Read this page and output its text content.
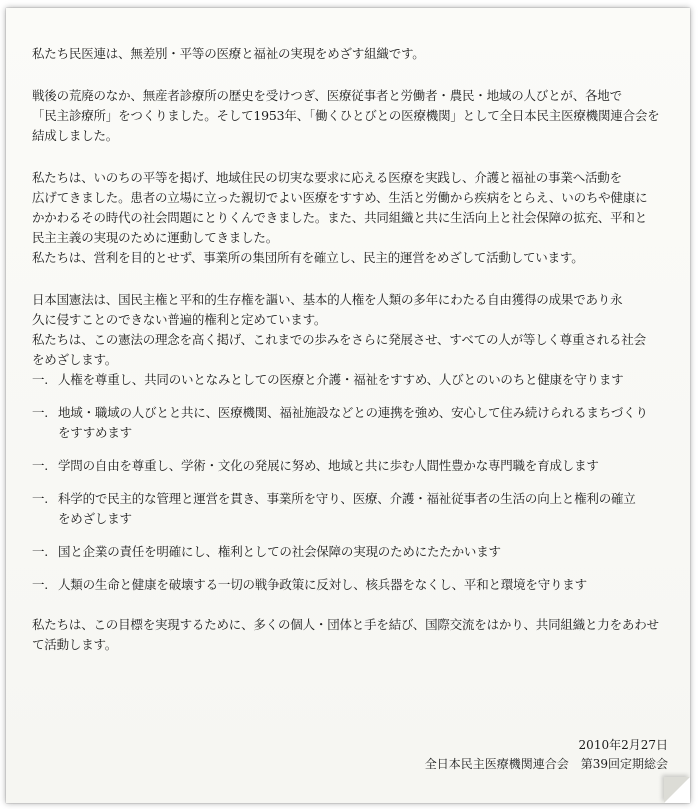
私たち民医連は、無差別・平等の医療と福祉の実現をめざす組織です。

戦後の荒廃のなか、無産者診療所の歴史を受けつぎ、医療従事者と労働者・農民・地域の人びとが、各地で
「民主診療所」をつくりました。そして1953年、「働くひとびとの医療機関」として全日本民主医療機関連合会を
結成しました。

私たちは、いのちの平等を掲げ、地域住民の切実な要求に応える医療を実践し、介護と福祉の事業へ活動を
広げてきました。患者の立場に立った親切でよい医療をすすめ、生活と労働から疾病をとらえ、いのちや健康に
かかわるその時代の社会問題にとりくんできました。また、共同組織と共に生活向上と社会保障の拡充、平和と
民主主義の実現のために運動してきました。
私たちは、営利を目的とせず、事業所の集団所有を確立し、民主的運営をめざして活動しています。

日本国憲法は、国民主権と平和的生存権を謳い、基本的人権を人類の多年にわたる自由獲得の成果であり永
久に侵すことのできない普遍的権利と定めています。
私たちは、この憲法の理念を高く掲げ、これまでの歩みをさらに発展させ、すべての人が等しく尊重される社会
をめざします。

一. 人権を尊重し、共同のいとなみとしての医療と介護・福祉をすすめ、人びとのいのちと健康を守ります
一. 地域・職域の人びとと共に、医療機関、福祉施設などとの連携を強め、安心して住み続けられるまちづくり
をすすめます
一. 学問の自由を尊重し、学術・文化の発展に努め、地域と共に歩む人間性豊かな専門職を育成します
一. 科学的で民主的な管理と運営を貫き、事業所を守り、医療、介護・福祉従事者の生活の向上と権利の確立
をめざします
一. 国と企業の責任を明確にし、権利としての社会保障の実現のためにたたかいます
一. 人類の生命と健康を破壊する一切の戦争政策に反対し、核兵器をなくし、平和と環境を守ります

私たちは、この目標を実現するために、多くの個人・団体と手を結び、国際交流をはかり、共同組織と力をあわせ
て活動します。

2010年2月27日
全日本民主医療機関連合会　第39回定期総会
